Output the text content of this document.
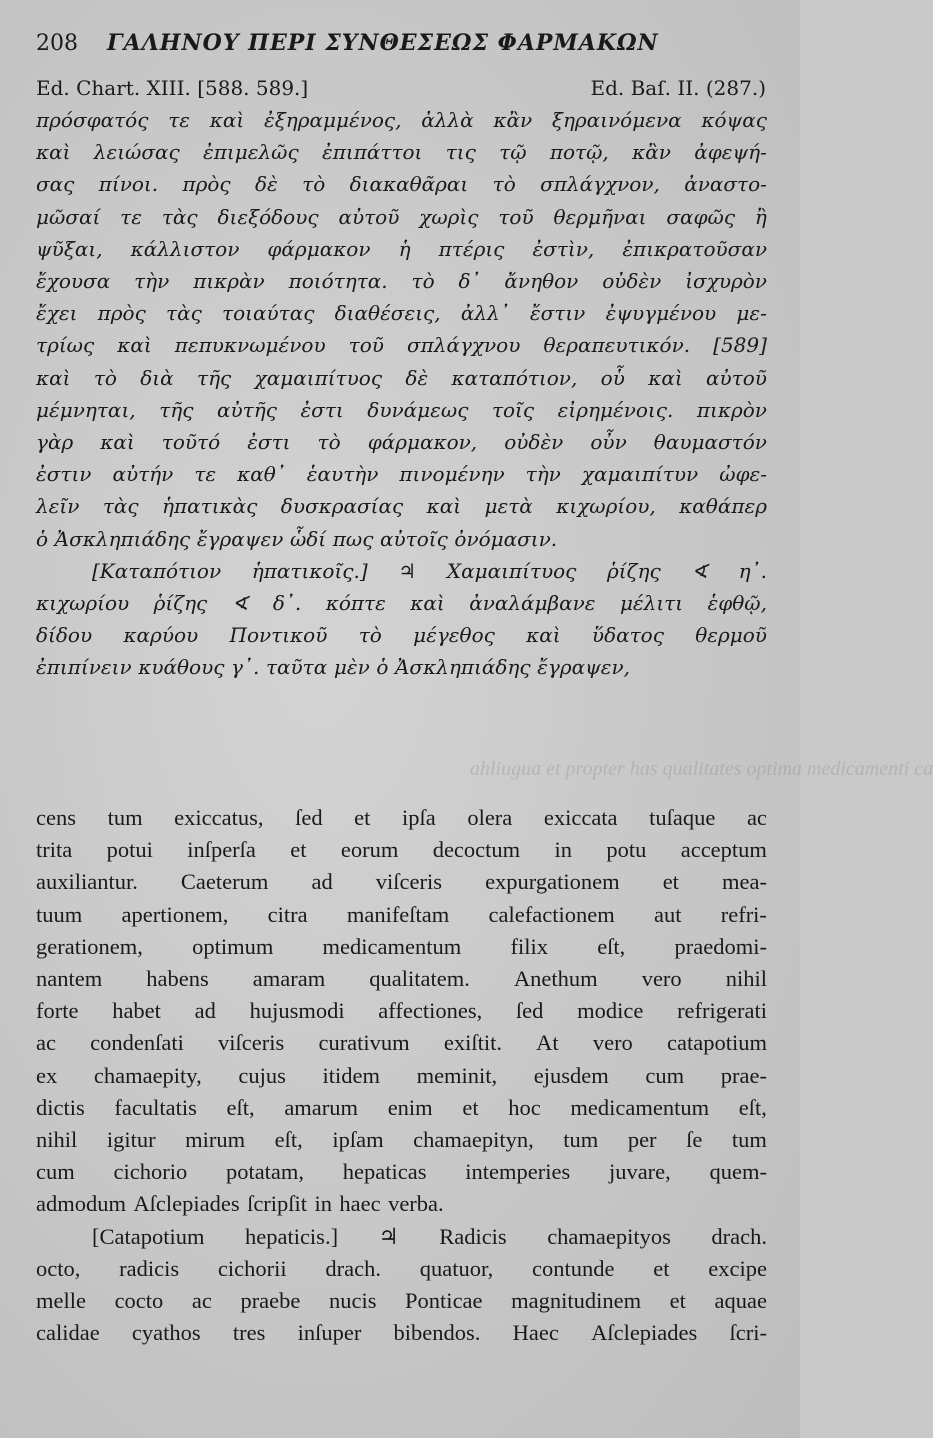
208 ΓΑΛΗΝΟΥ ΠΕΡΙ ΣΥΝΘΕΣΕΩΣ ΦΑΡΜΑΚΩΝ
Ed. Chart. XIII. [588. 589.]	Ed. Baſ. II. (287.)
πρόσφατός τε καὶ ἐξηραμμένος, ἀλλὰ κἂν ξηραινόμενα κόψας
καὶ λειώσας ἐπιμελῶς ἐπιπάττοι τις τῷ ποτῷ, κἂν ἀφεψή-
σας πίνοι. πρὸς δὲ τὸ διακαθᾶραι τὸ σπλάγχνον, ἀναστο-
μῶσαί τε τὰς διεξόδους αὐτοῦ χωρὶς τοῦ θερμῆναι σαφῶς ἢ
ψῦξαι, κάλλιστον φάρμακον ἡ πτέρις ἐστὶν, ἐπικρατοῦσαν
ἔχουσα τὴν πικρὰν ποιότητα. τὸ δ᾽ ἄνηθον οὐδὲν ἰσχυρὸν
ἔχει πρὸς τὰς τοιαύτας διαθέσεις, ἀλλ᾽ ἔστιν ἐψυγμένου με-
τρίως καὶ πεπυκνωμένου τοῦ σπλάγχνου θεραπευτικόν. [589]
καὶ τὸ διὰ τῆς χαμαιπίτυος δὲ καταπότιον, οὗ καὶ αὐτοῦ
μέμνηται, τῆς αὐτῆς ἐστι δυνάμεως τοῖς εἰρημένοις. πικρὸν
γὰρ καὶ τοῦτό ἐστι τὸ φάρμακον, οὐδὲν οὖν θαυμαστόν
ἐστιν αὐτήν τε καθ᾽ ἑαυτὴν πινομένην τὴν χαμαιπίτυν ὠφε-
λεῖν τὰς ἡπατικὰς δυσκρασίας καὶ μετὰ κιχωρίου, καθάπερ
ὁ Ἀσκληπιάδης ἔγραψεν ὧδί πως αὐτοῖς ὀνόμασιν.
[Καταπότιον ἡπατικοῖς.] ♃ Χαμαιπίτυος ῥίζης ∢ η᾽.
κιχωρίου ῥίζης ∢ δ᾽. κόπτε καὶ ἀναλάμβανε μέλιτι ἑφθῷ,
δίδου καρύου Ποντικοῦ τὸ μέγεθος καὶ ὕδατος θερμοῦ
ἐπιπίνειν κυάθους γ᾽. ταῦτα μὲν ὁ Ἀσκληπιάδης ἔγραψεν,
ahliugua et propter has qualitates optima medicamenti ca
cens tum exiccatus, ſed et ipſa olera exiccata tuſaque ac
trita potui inſperſa et eorum decoctum in potu acceptum
auxiliantur. Caeterum ad viſceris expurgationem et mea-
tuum apertionem, citra manifeſtam calefactionem aut refri-
gerationem, optimum medicamentum filix eſt, praedomi-
nantem habens amaram qualitatem. Anethum vero nihil
forte habet ad hujusmodi affectiones, ſed modice refrigerati
ac condenſati viſceris curativum exiſtit. At vero catapotium
ex chamaepity, cujus itidem meminit, ejusdem cum prae-
dictis facultatis eſt, amarum enim et hoc medicamentum eſt,
nihil igitur mirum eſt, ipſam chamaepityn, tum per ſe tum
cum cichorio potatam, hepaticas intemperies juvare, quem-
admodum Aſclepiades ſcripſit in haec verba.
[Catapotium hepaticis.] ♃ Radicis chamaepityos drach.
octo, radicis cichorii drach. quatuor, contunde et excipe
melle cocto ac praebe nucis Ponticae magnitudinem et aquae
calidae cyathos tres inſuper bibendos. Haec Aſclepiades ſcri-
